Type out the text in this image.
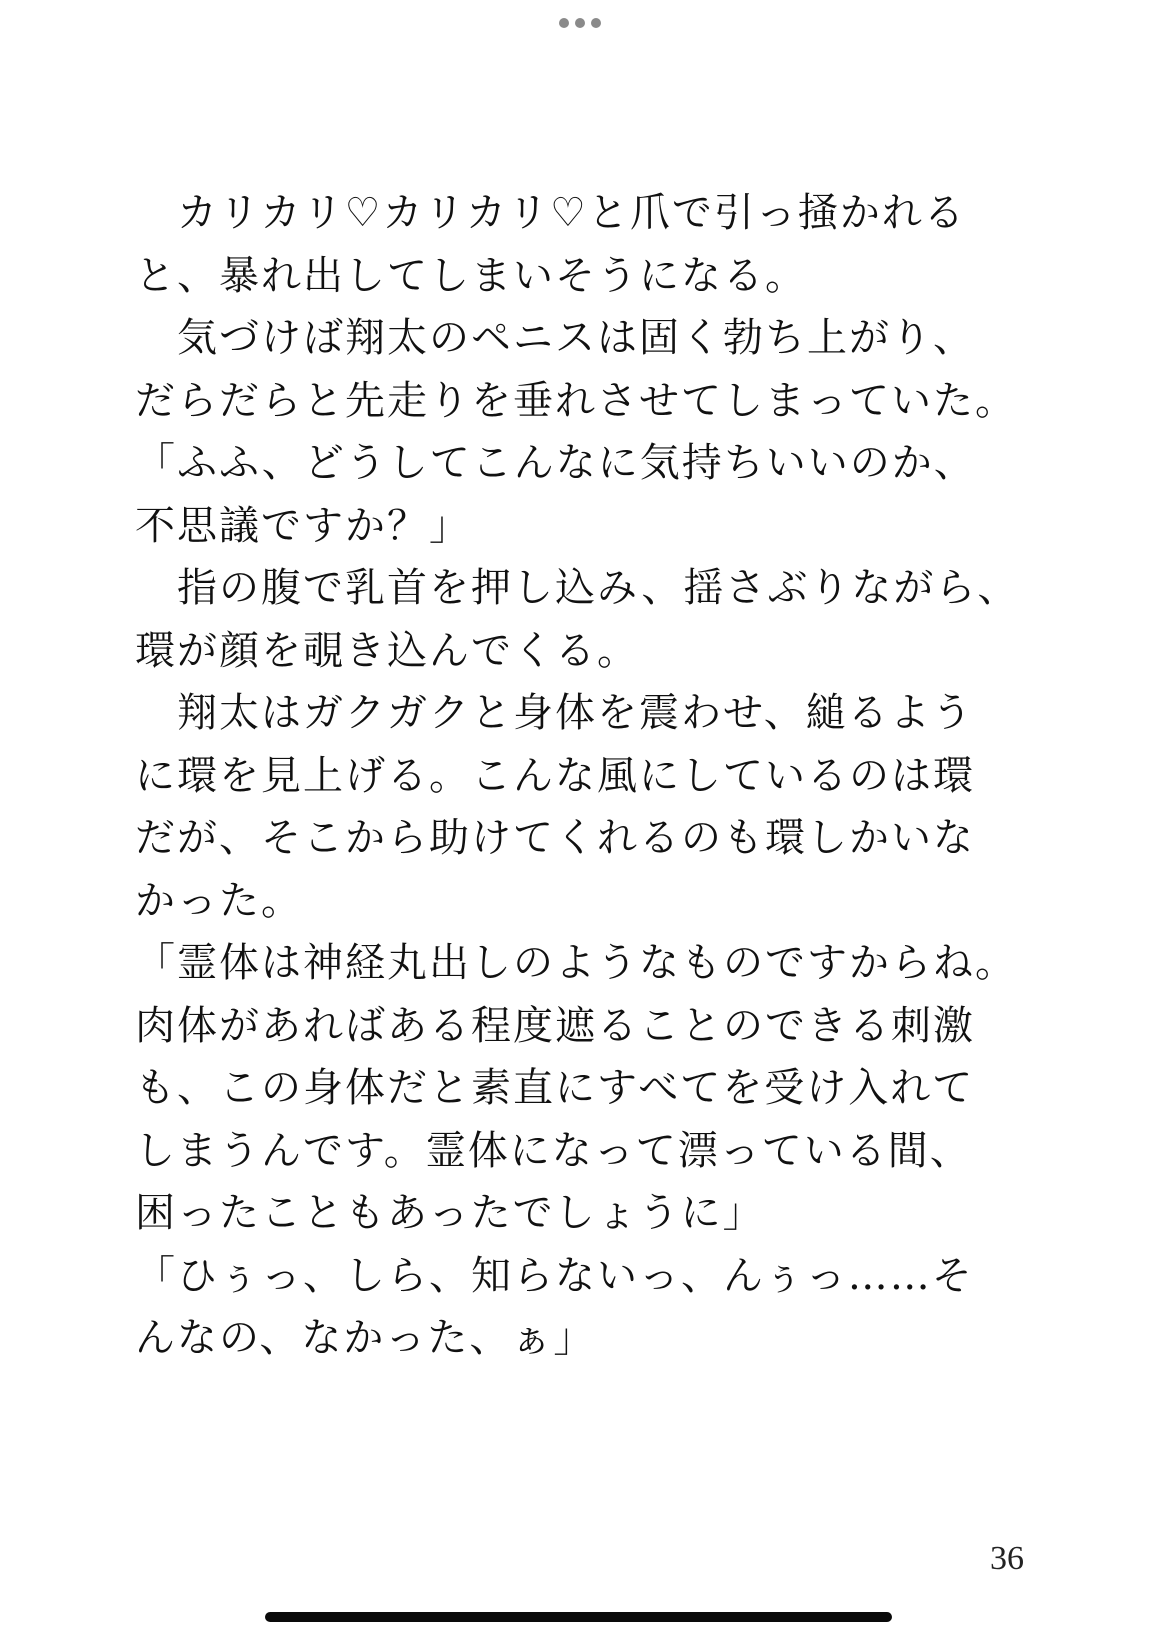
　カリカリ♡カリカリ♡と爪で引っ掻かれる
と、暴れ出してしまいそうになる。
　気づけば翔太のペニスは固く勃ち上がり、
だらだらと先走りを垂れさせてしまっていた。
「ふふ、どうしてこんなに気持ちいいのか、
不思議ですか？」
　指の腹で乳首を押し込み、揺さぶりながら、
環が顔を覗き込んでくる。
　翔太はガクガクと身体を震わせ、縋るよう
に環を見上げる。こんな風にしているのは環
だが、そこから助けてくれるのも環しかいな
かった。
「霊体は神経丸出しのようなものですからね。
肉体があればある程度遮ることのできる刺激
も、この身体だと素直にすべてを受け入れて
しまうんです。霊体になって漂っている間、
困ったこともあったでしょうに」
「ひぅっ、しら、知らないっ、んぅっ……そ
んなの、なかった、ぁ」
36
